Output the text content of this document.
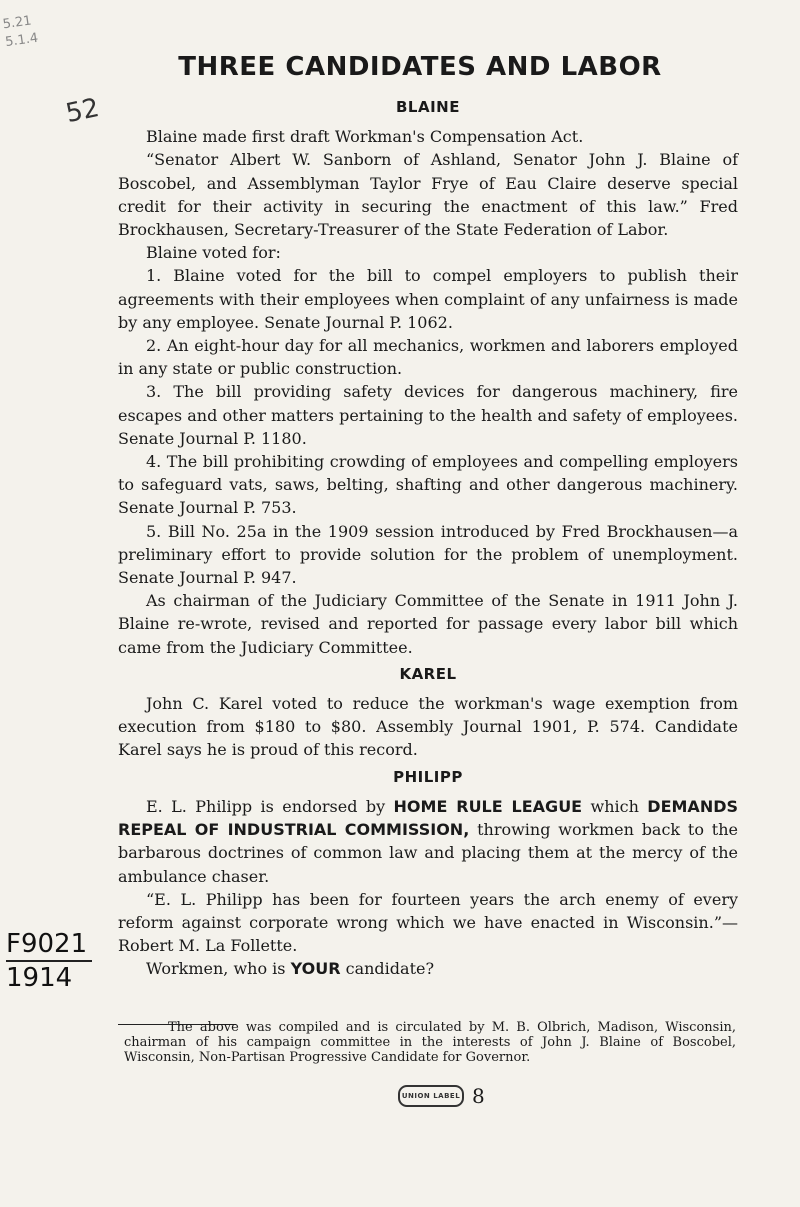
5.21
5.1.4
52
THREE CANDIDATES AND LABOR

BLAINE

Blaine made first draft Workman's Compensation Act.

“Senator Albert W. Sanborn of Ashland, Senator John J. Blaine of Boscobel, and Assemblyman Taylor Frye of Eau Claire deserve special credit for their activity in securing the enactment of this law.” Fred Brockhausen, Secretary-Treasurer of the State Federation of Labor.

Blaine voted for:

1. Blaine voted for the bill to compel employers to publish their agreements with their employees when complaint of any unfairness is made by any employee. Senate Journal P. 1062.

2. An eight-hour day for all mechanics, workmen and laborers employed in any state or public construction.

3. The bill providing safety devices for dangerous machinery, fire escapes and other matters pertaining to the health and safety of employees. Senate Journal P. 1180.

4. The bill prohibiting crowding of employees and compelling employers to safeguard vats, saws, belting, shafting and other dangerous machinery. Senate Journal P. 753.

5. Bill No. 25a in the 1909 session introduced by Fred Brockhausen—a preliminary effort to provide solution for the problem of unemployment. Senate Journal P. 947.

As chairman of the Judiciary Committee of the Senate in 1911 John J. Blaine re-wrote, revised and reported for passage every labor bill which came from the Judiciary Committee.

KAREL

John C. Karel voted to reduce the workman's wage exemption from execution from $180 to $80. Assembly Journal 1901, P. 574. Candidate Karel says he is proud of this record.

PHILIPP

E. L. Philipp is endorsed by HOME RULE LEAGUE which DEMANDS REPEAL OF INDUSTRIAL COMMISSION, throwing workmen back to the barbarous doctrines of common law and placing them at the mercy of the ambulance chaser.

“E. L. Philipp has been for fourteen years the arch enemy of every reform against corporate wrong which we have enacted in Wisconsin.”—Robert M. La Follette.

Workmen, who is YOUR candidate?

The above was compiled and is circulated by M. B. Olbrich, Madison, Wisconsin, chairman of his campaign committee in the interests of John J. Blaine of Boscobel, Wisconsin, Non-Partisan Progressive Candidate for Governor.

UNION LABEL 8
F9021
1914
